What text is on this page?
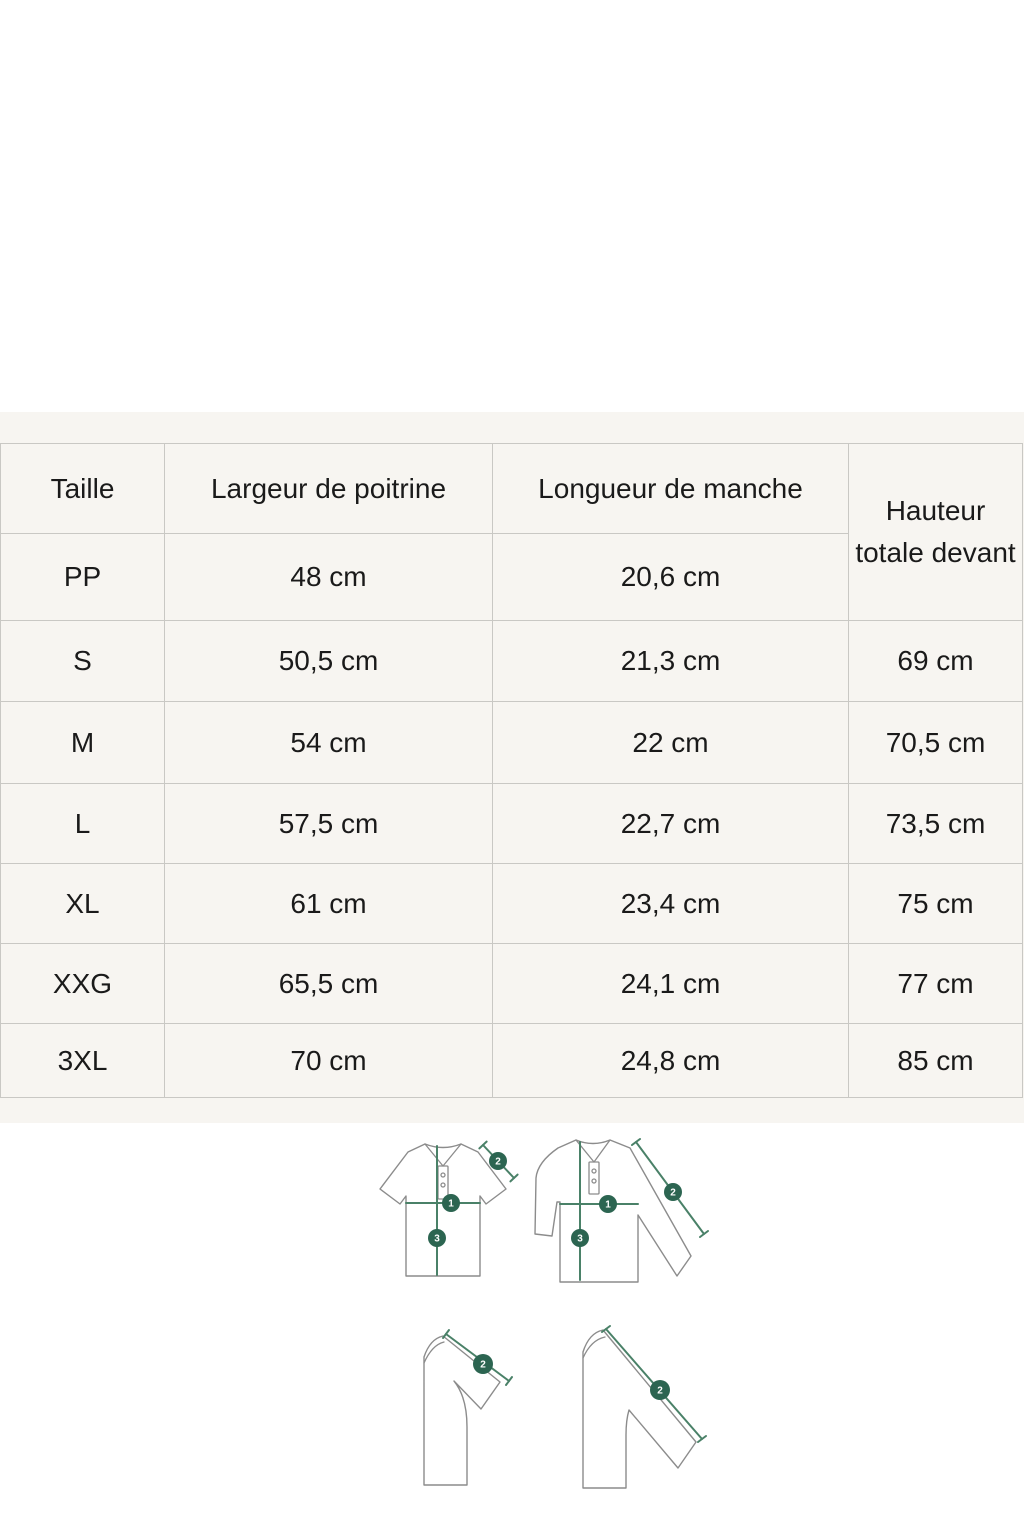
Taille	Largeur de poitrine	Longueur de manche	Hauteur totale devant
PP	48 cm	20,6 cm	
S	50,5 cm	21,3 cm	69 cm
M	54 cm	22 cm	70,5 cm
L	57,5 cm	22,7 cm	73,5 cm
XL	61 cm	23,4 cm	75 cm
XXG	65,5 cm	24,1 cm	77 cm
3XL	70 cm	24,8 cm	85 cm
1
3
2
1
3
2
2
2
